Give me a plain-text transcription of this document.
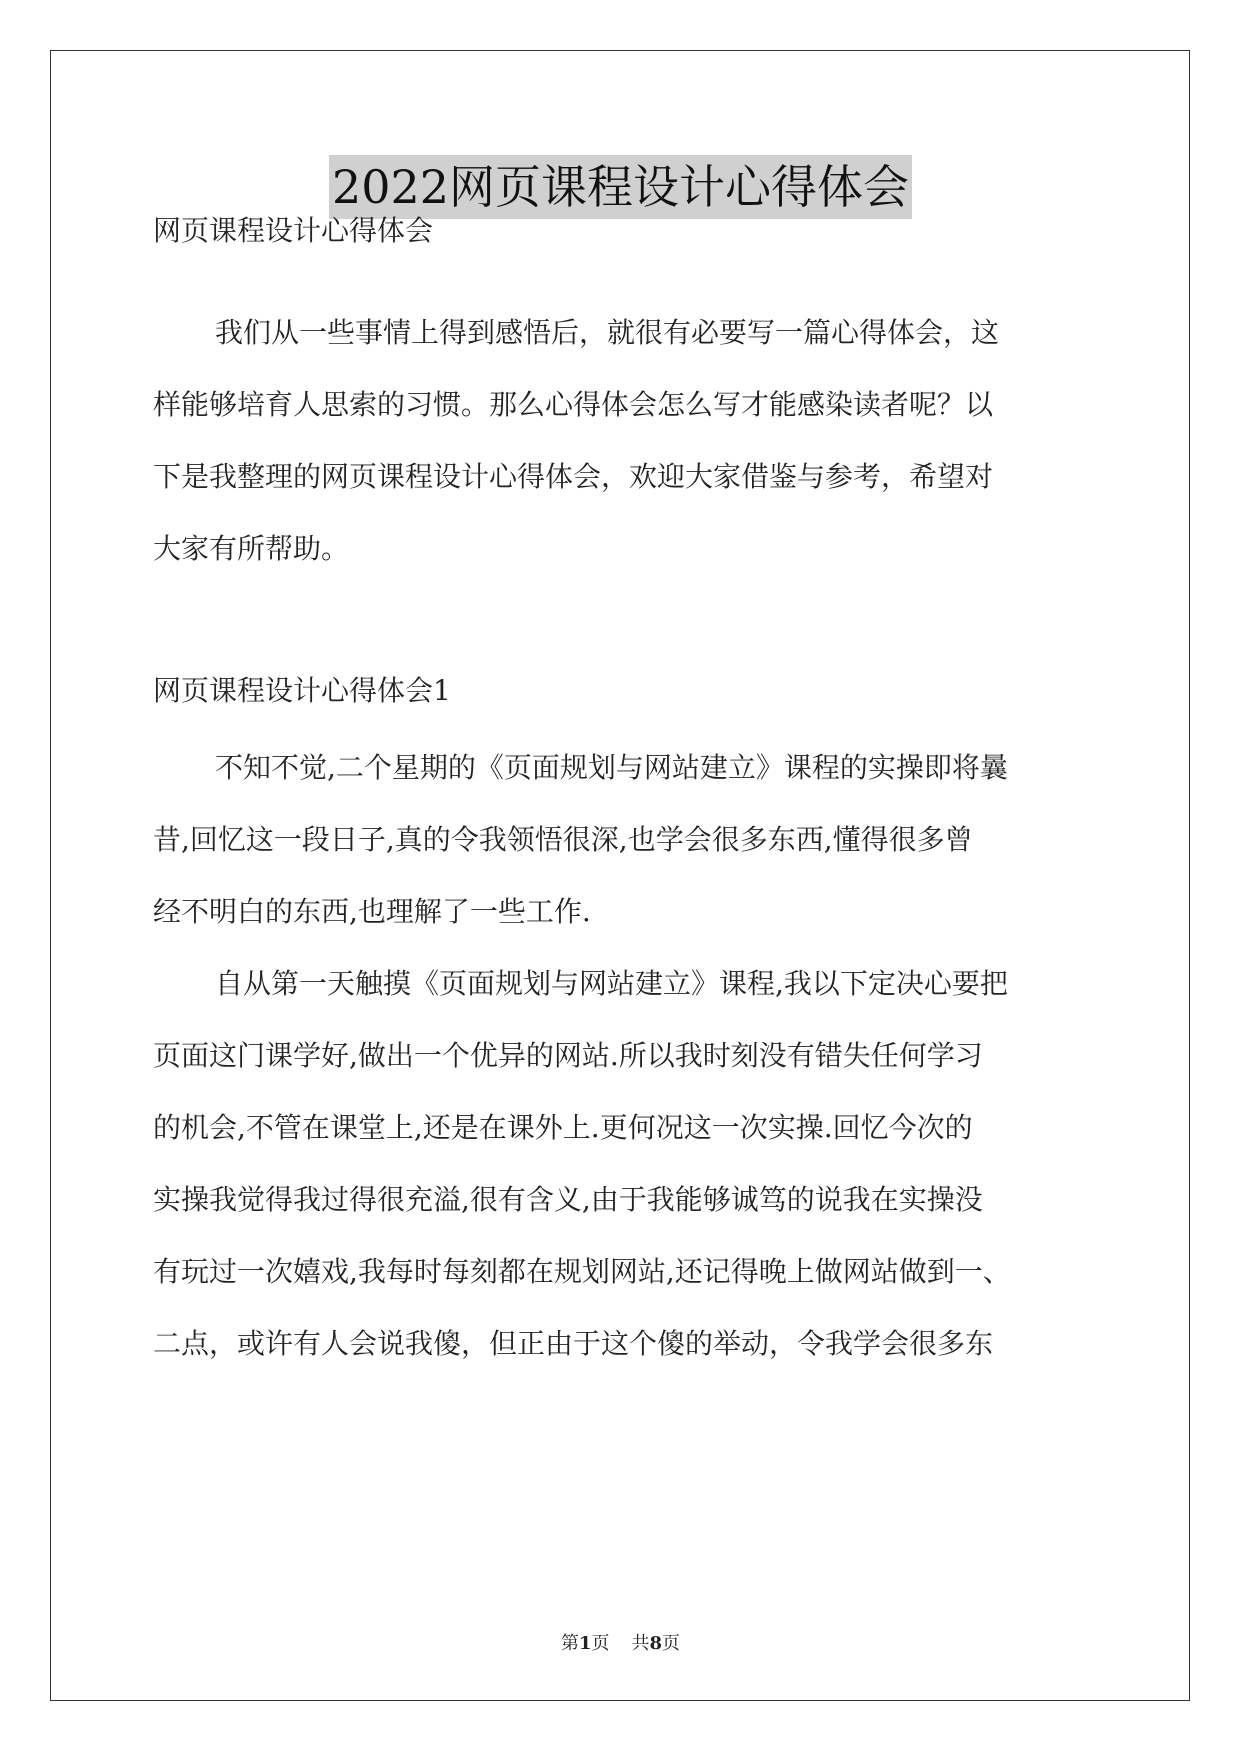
2022网页课程设计心得体会
网页课程设计心得体会
我们从一些事情上得到感悟后，就很有必要写一篇心得体会，这
样能够培育人思索的习惯。那么心得体会怎么写才能感染读者呢？以
下是我整理的网页课程设计心得体会，欢迎大家借鉴与参考，希望对
大家有所帮助。
网页课程设计心得体会1
不知不觉,二个星期的《页面规划与网站建立》课程的实操即将曩
昔,回忆这一段日子,真的令我领悟很深,也学会很多东西,懂得很多曾
经不明白的东西,也理解了一些工作.
自从第一天触摸《页面规划与网站建立》课程,我以下定决心要把
页面这门课学好,做出一个优异的网站.所以我时刻没有错失任何学习
的机会,不管在课堂上,还是在课外上.更何况这一次实操.回忆今次的
实操我觉得我过得很充溢,很有含义,由于我能够诚笃的说我在实操没
有玩过一次嬉戏,我每时每刻都在规划网站,还记得晚上做网站做到一、
二点，或许有人会说我傻，但正由于这个傻的举动，令我学会很多东
第1页 共8页
